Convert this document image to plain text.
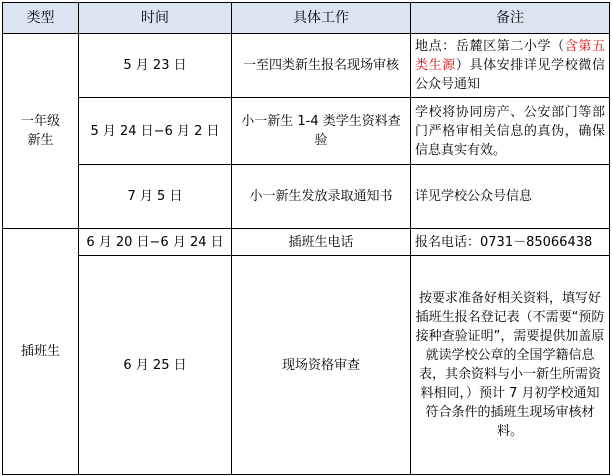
类型	时间	具体工作	备注
一年级
新生	5 月 23 日	一至四类新生报名现场审核	地点：岳麓区第二小学（含第五类生源）具体安排详见学校微信公众号通知
	5 月 24 日−6 月 2 日	小一新生 1-4 类学生资料查验	学校将协同房产、公安部门等部门严格审相关信息的真伪，确保信息真实有效。
	7 月 5 日	小一新生发放录取通知书	详见学校公众号信息
插班生	6 月 20 日−6 月 24 日	插班生电话	报名电话：0731－85066438
	6 月 25 日	现场资格审查	按要求准备好相关资料，填写好插班生报名登记表（不需要“预防接种查验证明”，需要提供加盖原就读学校公章的全国学籍信息表，其余资料与小一新生所需资料相同，）预计 7 月初学校通知符合条件的插班生现场审核材料。
